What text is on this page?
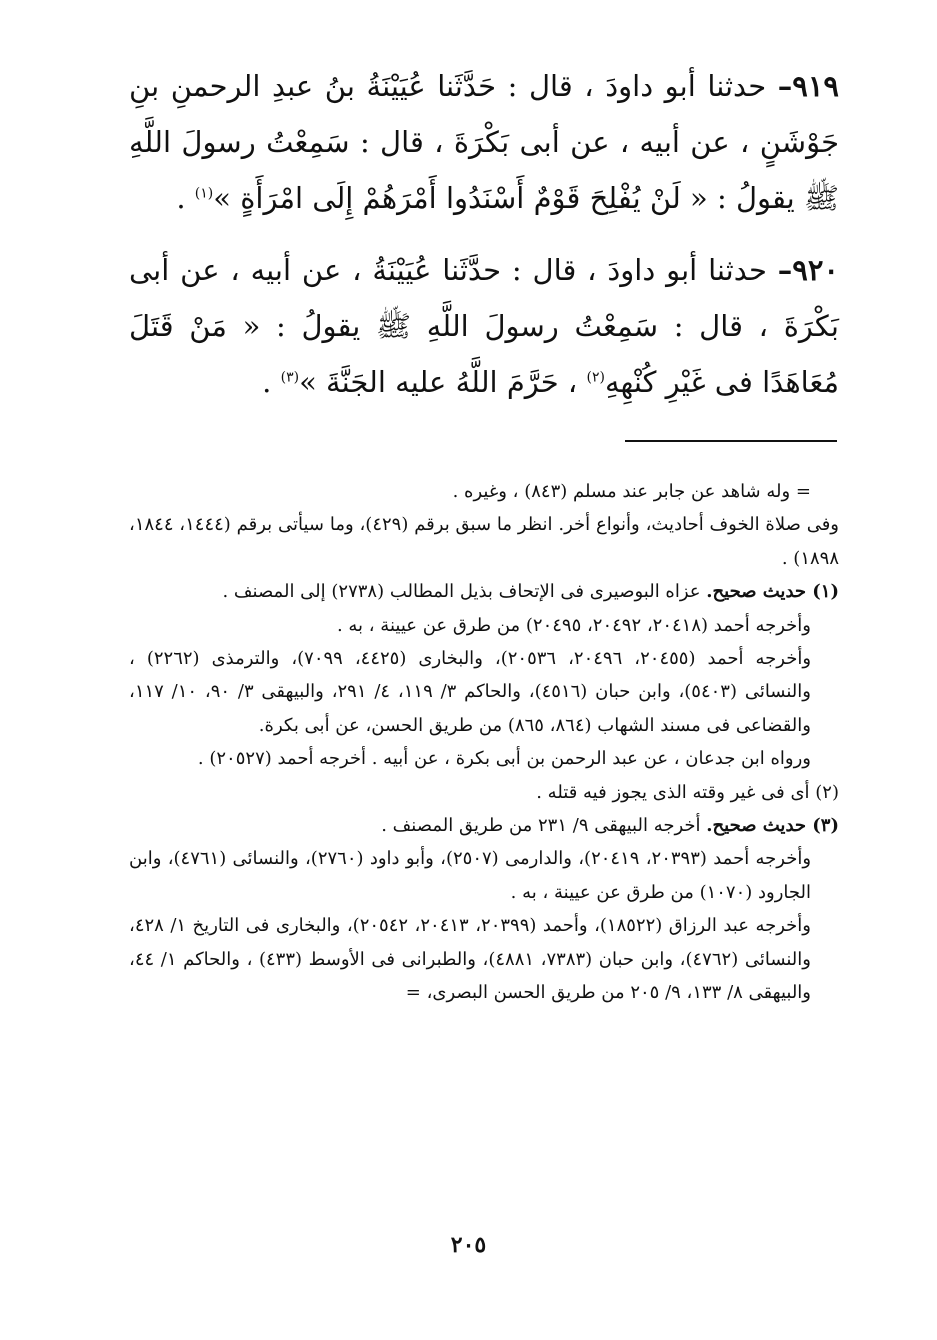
٩١٩– حدثنا أبو داودَ ، قال : حَدَّثَنا عُيَيْنَةُ بنُ عبدِ الرحمنِ بنِ جَوْشَنٍ ، عن أبيه ، عن أبى بَكْرَةَ ، قال : سَمِعْتُ رسولَ اللَّهِ ﷺ يقولُ : « لَنْ يُفْلِحَ قَوْمٌ أَسْنَدُوا أَمْرَهُمْ إِلَى امْرَأَةٍ »$^{(١)}$ .

٩٢٠– حدثنا أبو داودَ ، قال : حدَّثَنا عُيَيْنَةُ ، عن أبيه ، عن أبى بَكْرَةَ ، قال : سَمِعْتُ رسولَ اللَّهِ ﷺ يقولُ : « مَنْ قَتَلَ مُعَاهَدًا فى غَيْرِ كُنْهِهِ$^{(٢)}$ ، حَرَّمَ اللَّهُ عليه الجَنَّةَ »$^{(٣)}$ .

= وله شاهد عن جابر عند مسلم (٨٤٣) ، وغيره .

وفى صلاة الخوف أحاديث، وأنواع أخر. انظر ما سبق برقم (٤٢٩)، وما سيأتى برقم (١٤٤٤، ١٨٤٤، ١٨٩٨) .

(١) حديث صحيح. عزاه البوصيرى فى الإتحاف بذيل المطالب (٢٧٣٨) إلى المصنف .

وأخرجه أحمد (٢٠٤١٨، ٢٠٤٩٢، ٢٠٤٩٥) من طرق عن عيينة ، به .

وأخرجه أحمد (٢٠٤٥٥، ٢٠٤٩٦، ٢٠٥٣٦)، والبخارى (٤٤٢٥، ٧٠٩٩)، والترمذى (٢٢٦٢) ، والنسائى (٥٤٠٣)، وابن حبان (٤٥١٦)، والحاكم ٣/ ١١٩، ٤/ ٢٩١، والبيهقى ٣/ ٩٠، ١٠/ ١١٧، والقضاعى فى مسند الشهاب (٨٦٤، ٨٦٥) من طريق الحسن، عن أبى بكرة.

ورواه ابن جدعان ، عن عبد الرحمن بن أبى بكرة ، عن أبيه . أخرجه أحمد (٢٠٥٢٧) .

(٢) أى فى غير وقته الذى يجوز فيه قتله .

(٣) حديث صحيح. أخرجه البيهقى ٩/ ٢٣١ من طريق المصنف .

وأخرجه أحمد (٢٠٣٩٣، ٢٠٤١٩)، والدارمى (٢٥٠٧)، وأبو داود (٢٧٦٠)، والنسائى (٤٧٦١)، وابن الجارود (١٠٧٠) من طرق عن عيينة ، به .

وأخرجه عبد الرزاق (١٨٥٢٢)، وأحمد (٢٠٣٩٩، ٢٠٤١٣، ٢٠٥٤٢)، والبخارى فى التاريخ ١/ ٤٢٨، والنسائى (٤٧٦٢)، وابن حبان (٧٣٨٣، ٤٨٨١)، والطبرانى فى الأوسط (٤٣٣) ، والحاكم ١/ ٤٤، والبيهقى ٨/ ١٣٣، ٩/ ٢٠٥ من طريق الحسن البصرى، =

٢٠٥
